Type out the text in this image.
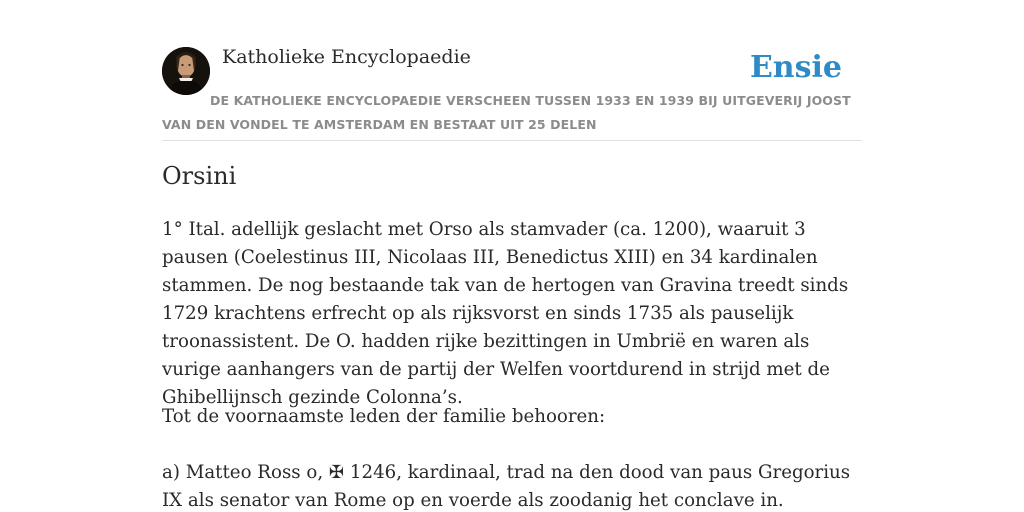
Katholieke Encyclopaedie	Ensie
DE KATHOLIEKE ENCYCLOPAEDIE VERSCHEEN TUSSEN 1933 EN 1939 BIJ UITGEVERIJ JOOST VAN DEN VONDEL TE AMSTERDAM EN BESTAAT UIT 25 DELEN
Orsini

1° Ital. adellijk geslacht met Orso als stamvader (ca. 1200), waaruit 3 pausen (Coelestinus III, Nicolaas III, Benedictus XIII) en 34 kardinalen stammen. De nog bestaande tak van de hertogen van Gravina treedt sinds 1729 krachtens erfrecht op als rijksvorst en sinds 1735 als pauselijk troonassistent. De O. hadden rijke bezittingen in Umbrië en waren als vurige aanhangers van de partij der Welfen voortdurend in strijd met de Ghibellijnsch gezinde Colonna’s.

Tot de voornaamste leden der familie behooren:

a) Matteo Ross o, ✠ 1246, kardinaal, trad na den dood van paus Gregorius IX als senator van Rome op en voerde als zoodanig het conclave in.
